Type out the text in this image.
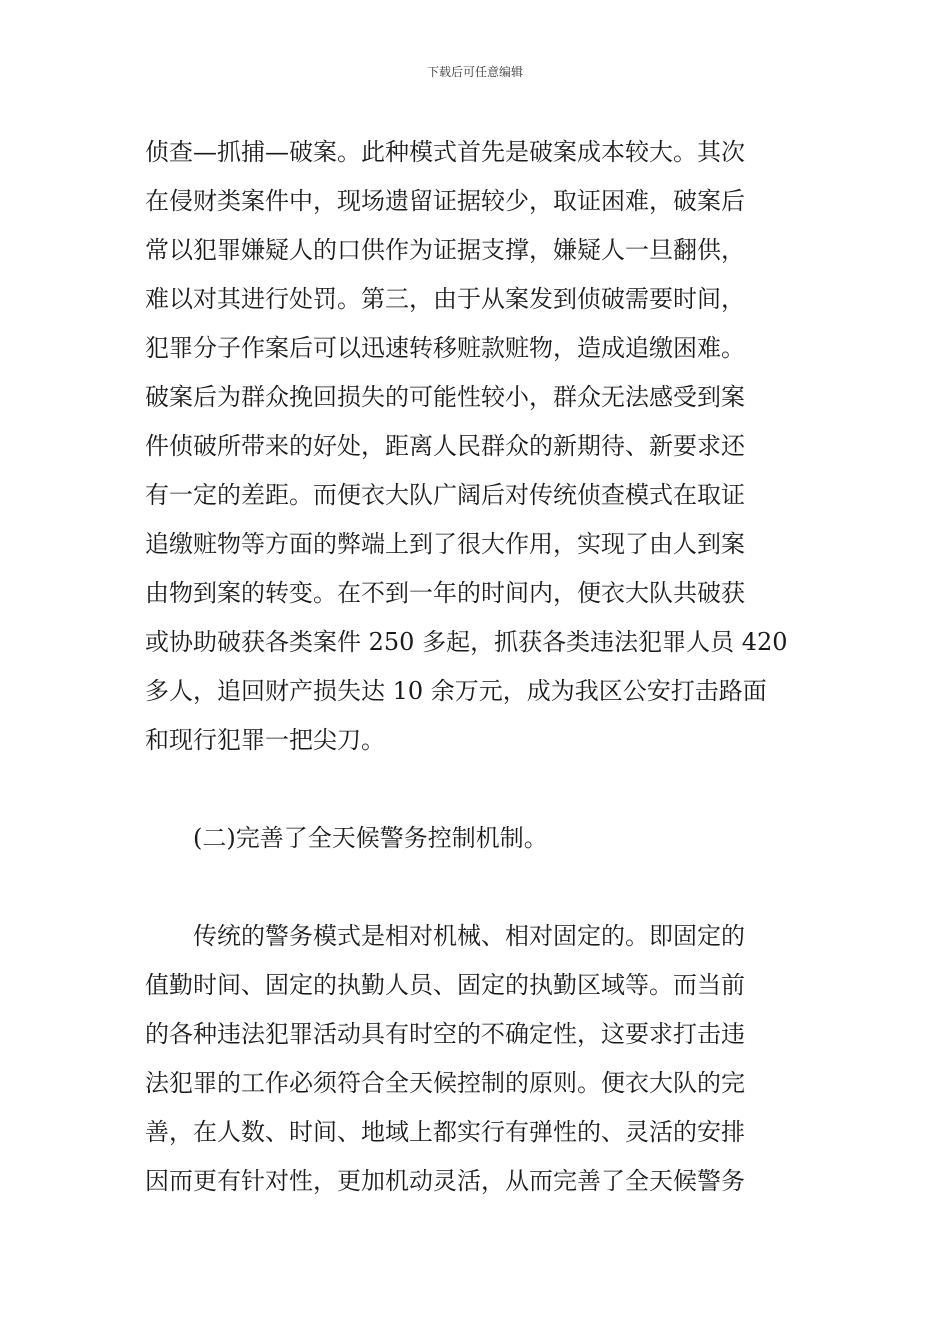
下载后可任意编辑
侦查—抓捕—破案。此种模式首先是破案成本较大。其次
在侵财类案件中，现场遗留证据较少，取证困难，破案后
常以犯罪嫌疑人的口供作为证据支撑，嫌疑人一旦翻供，
难以对其进行处罚。第三，由于从案发到侦破需要时间，
犯罪分子作案后可以迅速转移赃款赃物，造成追缴困难。
破案后为群众挽回损失的可能性较小，群众无法感受到案
件侦破所带来的好处，距离人民群众的新期待、新要求还
有一定的差距。而便衣大队广阔后对传统侦查模式在取证
追缴赃物等方面的弊端上到了很大作用，实现了由人到案
由物到案的转变。在不到一年的时间内，便衣大队共破获
或协助破获各类案件 250 多起，抓获各类违法犯罪人员 420
多人，追回财产损失达 10 余万元，成为我区公安打击路面
和现行犯罪一把尖刀。
　　(二)完善了全天候警务控制机制。
　　传统的警务模式是相对机械、相对固定的。即固定的
值勤时间、固定的执勤人员、固定的执勤区域等。而当前
的各种违法犯罪活动具有时空的不确定性，这要求打击违
法犯罪的工作必须符合全天候控制的原则。便衣大队的完
善，在人数、时间、地域上都实行有弹性的、灵活的安排
因而更有针对性，更加机动灵活，从而完善了全天候警务
